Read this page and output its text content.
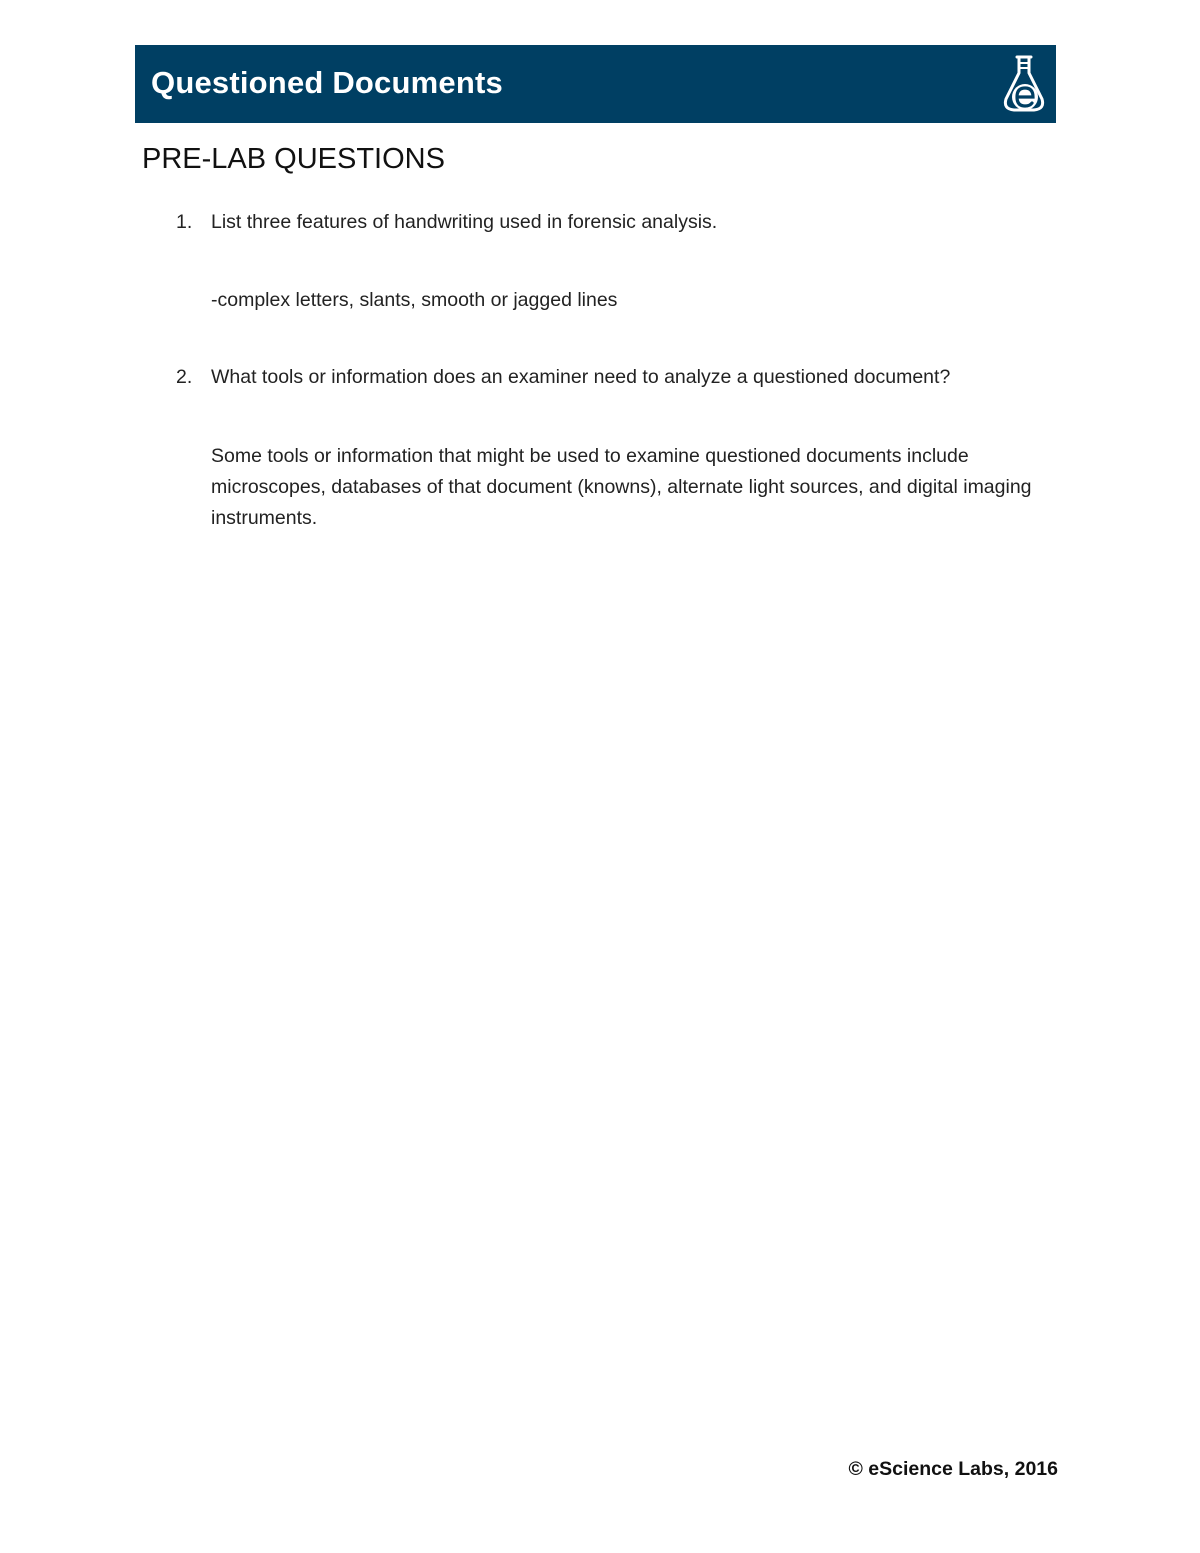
Questioned Documents
PRE-LAB QUESTIONS
1. List three features of handwriting used in forensic analysis.
-complex letters, slants, smooth or jagged lines
2. What tools or information does an examiner need to analyze a questioned document?
Some tools or information that might be used to examine questioned documents include microscopes, databases of that document (knowns), alternate light sources, and digital imaging instruments.
© eScience Labs, 2016
